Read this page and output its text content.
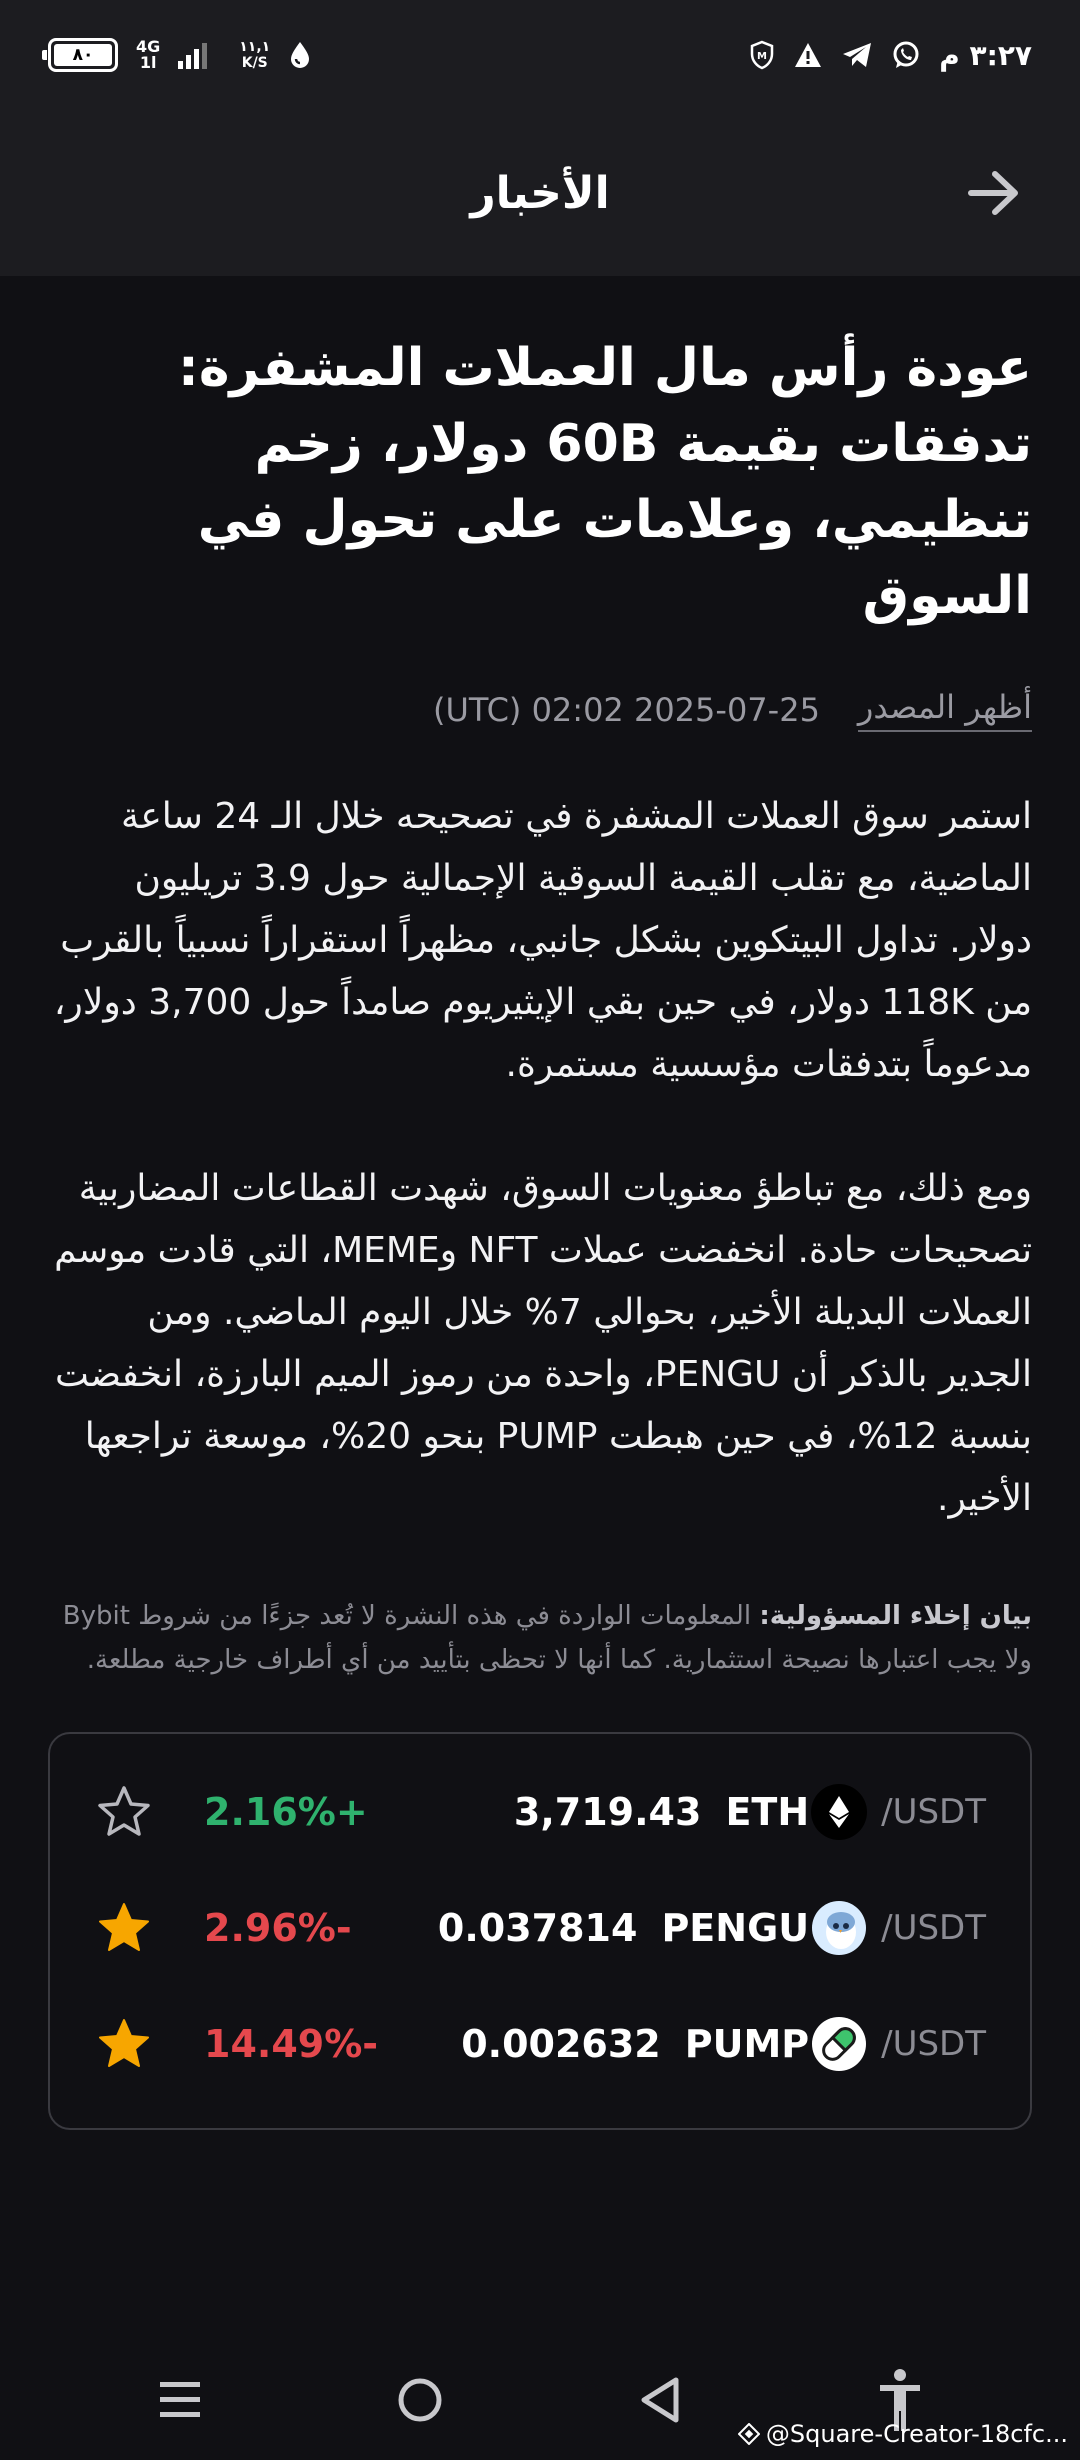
٨٠	4G
1l
١١,١
K/S	M	٣:٢٧ م
الأخبار
عودة رأس مال العملات المشفرة: تدفقات بقيمة 60B دولار، زخم تنظيمي، وعلامات على تحول في السوق
أظهر المصدر
2025-07-25 02:02 (UTC)

استمر سوق العملات المشفرة في تصحيحه خلال الـ 24 ساعة الماضية، مع تقلب القيمة السوقية الإجمالية حول 3.9 تريليون دولار. تداول البيتكوين بشكل جانبي، مظهراً استقراراً نسبياً بالقرب من 118K دولار، في حين بقي الإيثيريوم صامداً حول 3,700 دولار، مدعوماً بتدفقات مؤسسية مستمرة.

ومع ذلك، مع تباطؤ معنويات السوق، شهدت القطاعات المضاربية تصحيحات حادة. انخفضت عملات NFT وMEME، التي قادت موسم العملات البديلة الأخير، بحوالي 7% خلال اليوم الماضي. ومن الجدير بالذكر أن PENGU، واحدة من رموز الميم البارزة، انخفضت بنسبة 12%، في حين هبطت PUMP بنحو 20%، موسعة تراجعها الأخير.

بيان إخلاء المسؤولية: المعلومات الواردة في هذه النشرة لا تُعد جزءًا من شروط Bybit ولا يجب اعتبارها نصيحة استثمارية. كما أنها لا تحظى بتأييد من أي أطراف خارجية مطلعة.

2.16%+	3,719.43 ETH /USDT
2.96%- 0.037814 PENGU /USDT
14.49%- 0.002632 PUMP /USDT
@Square-Creator-18cfc...
